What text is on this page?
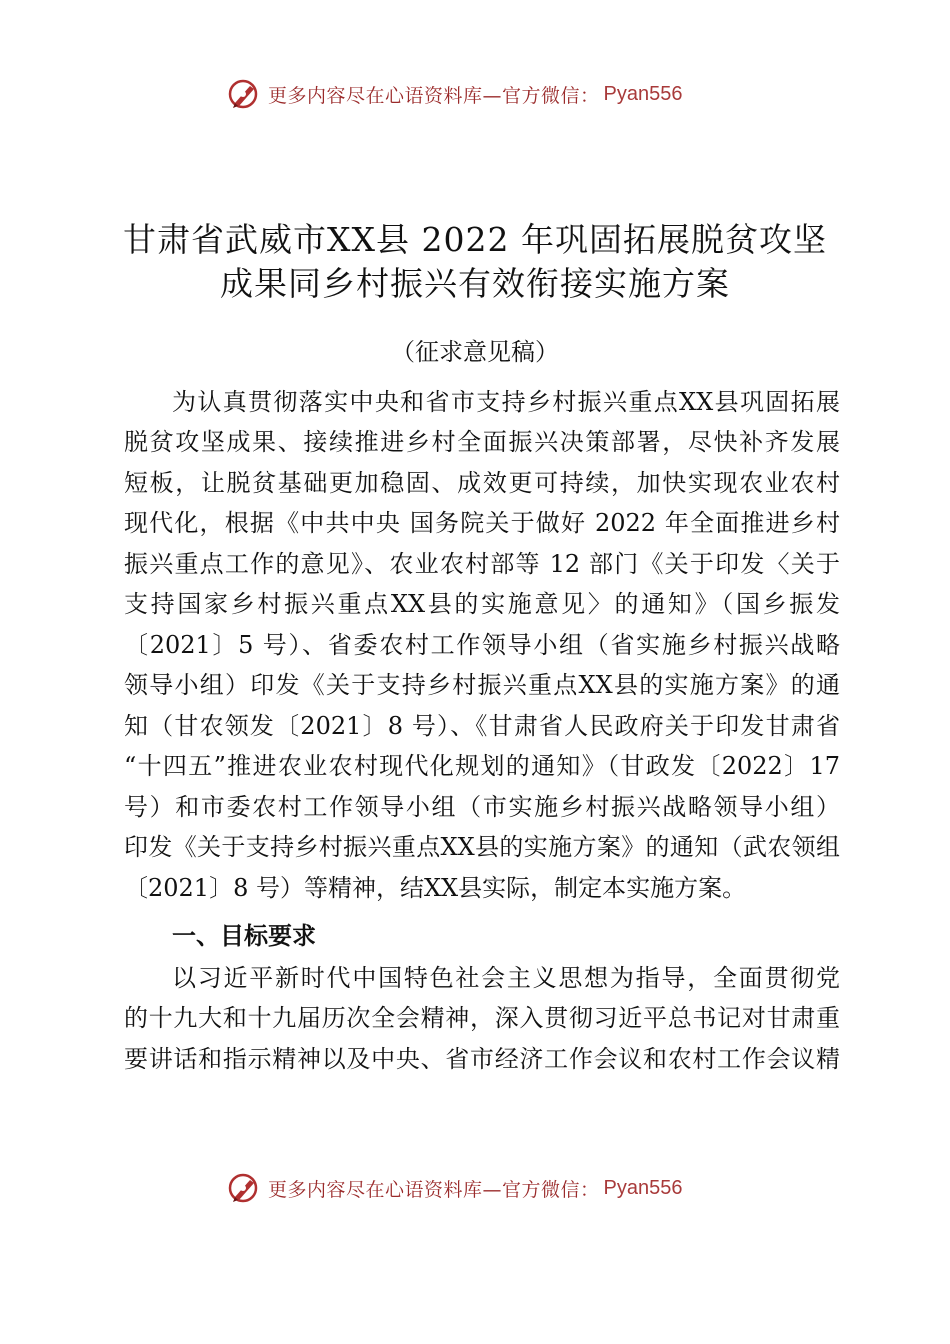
更多内容尽在心语资料库—官方微信： Pyan556
甘肃省武威市XX县 2022 年巩固拓展脱贫攻坚
成果同乡村振兴有效衔接实施方案
（征求意见稿）
为认真贯彻落实中央和省市支持乡村振兴重点XX县巩固拓展
脱贫攻坚成果、接续推进乡村全面振兴决策部署，尽快补齐发展
短板，让脱贫基础更加稳固、成效更可持续，加快实现农业农村
现代化，根据《中共中央 国务院关于做好 2022 年全面推进乡村
振兴重点工作的意见》、农业农村部等 12 部门《关于印发〈关于
支持国家乡村振兴重点XX县的实施意见〉的通知》（国乡振发
〔2021〕5 号）、省委农村工作领导小组（省实施乡村振兴战略
领导小组）印发《关于支持乡村振兴重点XX县的实施方案》的通
知（甘农领发〔2021〕8 号）、《甘肃省人民政府关于印发甘肃省
“十四五”推进农业农村现代化规划的通知》（甘政发〔2022〕17
号）和市委农村工作领导小组（市实施乡村振兴战略领导小组）
印发《关于支持乡村振兴重点XX县的实施方案》的通知（武农领组
〔2021〕8 号）等精神，结XX县实际，制定本实施方案。
一、目标要求
以习近平新时代中国特色社会主义思想为指导，全面贯彻党
的十九大和十九届历次全会精神，深入贯彻习近平总书记对甘肃重
要讲话和指示精神以及中央、省市经济工作会议和农村工作会议精
更多内容尽在心语资料库—官方微信： Pyan556
